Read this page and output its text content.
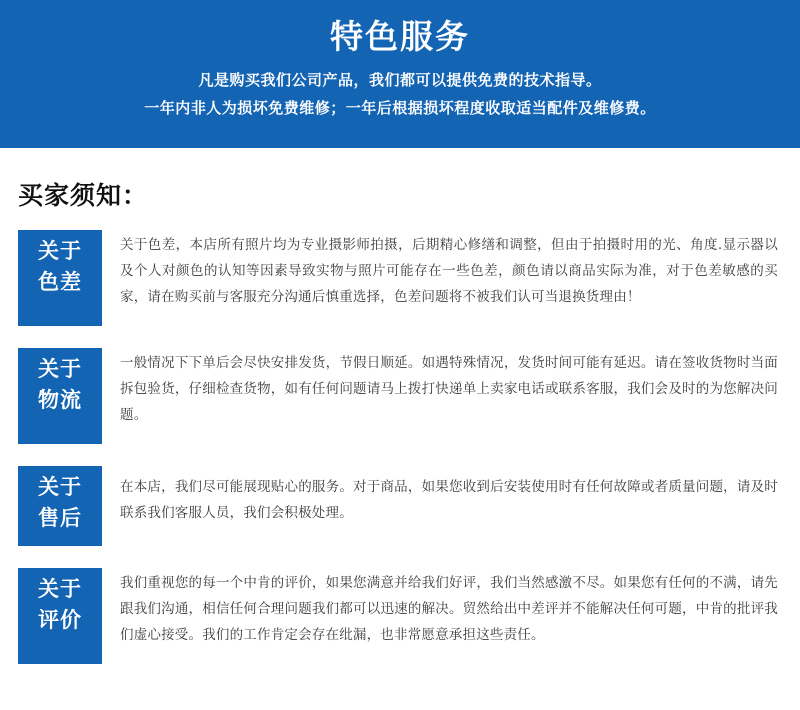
特色服务
凡是购买我们公司产品，我们都可以提供免费的技术指导。
一年内非人为损坏免费维修；一年后根据损坏程度收取适当配件及维修费。
买家须知：
关于
色差
关于色差，本店所有照片均为专业摄影师拍摄，后期精心修缮和调整，但由于拍摄时用的光、角度.显示器以及个人对颜色的认知等因素导致实物与照片可能存在一些色差，颜色请以商品实际为准，对于色差敏感的买家，请在购买前与客服充分沟通后慎重选择，色差问题将不被我们认可当退换货理由！
关于
物流
一般情况下下单后会尽快安排发货，节假日顺延。如遇特殊情况，发货时间可能有延迟。请在签收货物时当面拆包验货，仔细检查货物，如有任何问题请马上拨打快递单上卖家电话或联系客服，我们会及时的为您解决问题。
关于
售后
在本店，我们尽可能展现贴心的服务。对于商品，如果您收到后安装使用时有任何故障或者质量问题，请及时联系我们客服人员，我们会积极处理。
关于
评价
我们重视您的每一个中肯的评价，如果您满意并给我们好评，我们当然感激不尽。如果您有任何的不满，请先跟我们沟通，相信任何合理问题我们都可以迅速的解决。贸然给出中差评并不能解决任何可题，中肯的批评我们虚心接受。我们的工作肯定会存在纰漏，也非常愿意承担这些责任。
